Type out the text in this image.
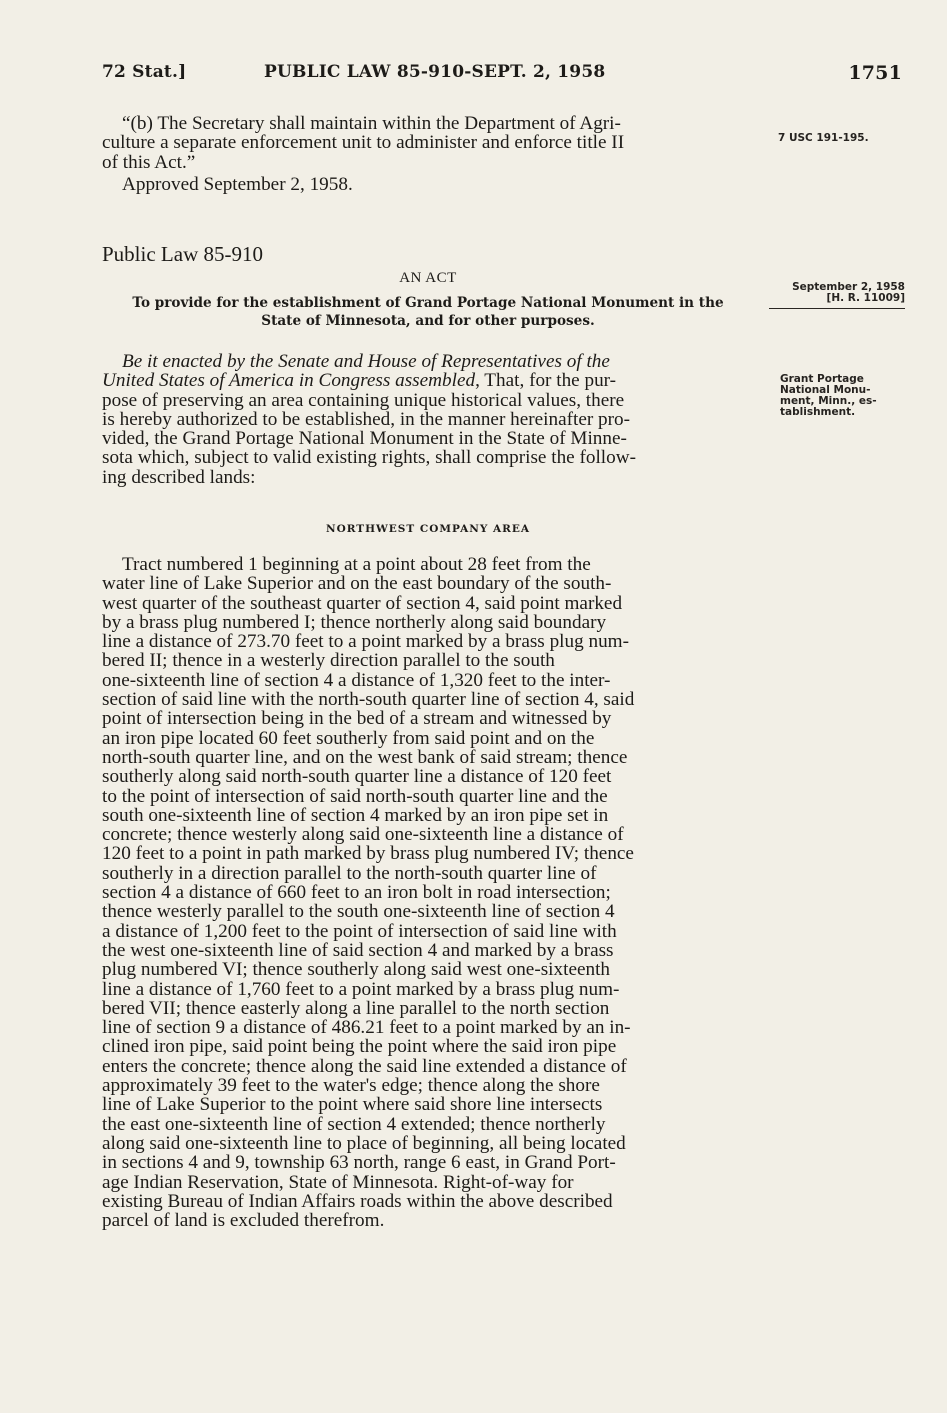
72 Stat.]	PUBLIC LAW 85-910-SEPT. 2, 1958	1751

“(b) The Secretary shall maintain within the Department of Agri-

culture a separate enforcement unit to administer and enforce title II

of this Act.”

Approved September 2, 1958.

Public Law 85-910
AN ACT
To provide for the establishment of Grand Portage National Monument in the
State of Minnesota, and for other purposes.

Be it enacted by the Senate and House of Representatives of the

United States of America in Congress assembled, That, for the pur-

pose of preserving an area containing unique historical values, there

is hereby authorized to be established, in the manner hereinafter pro-

vided, the Grand Portage National Monument in the State of Minne-

sota which, subject to valid existing rights, shall comprise the follow-

ing described lands:

NORTHWEST COMPANY AREA

Tract numbered 1 beginning at a point about 28 feet from the

water line of Lake Superior and on the east boundary of the south-

west quarter of the southeast quarter of section 4, said point marked

by a brass plug numbered I; thence northerly along said boundary

line a distance of 273.70 feet to a point marked by a brass plug num-

bered II; thence in a westerly direction parallel to the south

one-sixteenth line of section 4 a distance of 1,320 feet to the inter-

section of said line with the north-south quarter line of section 4, said

point of intersection being in the bed of a stream and witnessed by

an iron pipe located 60 feet southerly from said point and on the

north-south quarter line, and on the west bank of said stream; thence

southerly along said north-south quarter line a distance of 120 feet

to the point of intersection of said north-south quarter line and the

south one-sixteenth line of section 4 marked by an iron pipe set in

concrete; thence westerly along said one-sixteenth line a distance of

120 feet to a point in path marked by brass plug numbered IV; thence

southerly in a direction parallel to the north-south quarter line of

section 4 a distance of 660 feet to an iron bolt in road intersection;

thence westerly parallel to the south one-sixteenth line of section 4

a distance of 1,200 feet to the point of intersection of said line with

the west one-sixteenth line of said section 4 and marked by a brass

plug numbered VI; thence southerly along said west one-sixteenth

line a distance of 1,760 feet to a point marked by a brass plug num-

bered VII; thence easterly along a line parallel to the north section

line of section 9 a distance of 486.21 feet to a point marked by an in-

clined iron pipe, said point being the point where the said iron pipe

enters the concrete; thence along the said line extended a distance of

approximately 39 feet to the water's edge; thence along the shore

line of Lake Superior to the point where said shore line intersects

the east one-sixteenth line of section 4 extended; thence northerly

along said one-sixteenth line to place of beginning, all being located

in sections 4 and 9, township 63 north, range 6 east, in Grand Port-

age Indian Reservation, State of Minnesota. Right-of-way for

existing Bureau of Indian Affairs roads within the above described

parcel of land is excluded therefrom.

7 USC 191-195.
September 2, 1958
[H. R. 11009]
Grant Portage
National Monu-
ment, Minn., es-
tablishment.
